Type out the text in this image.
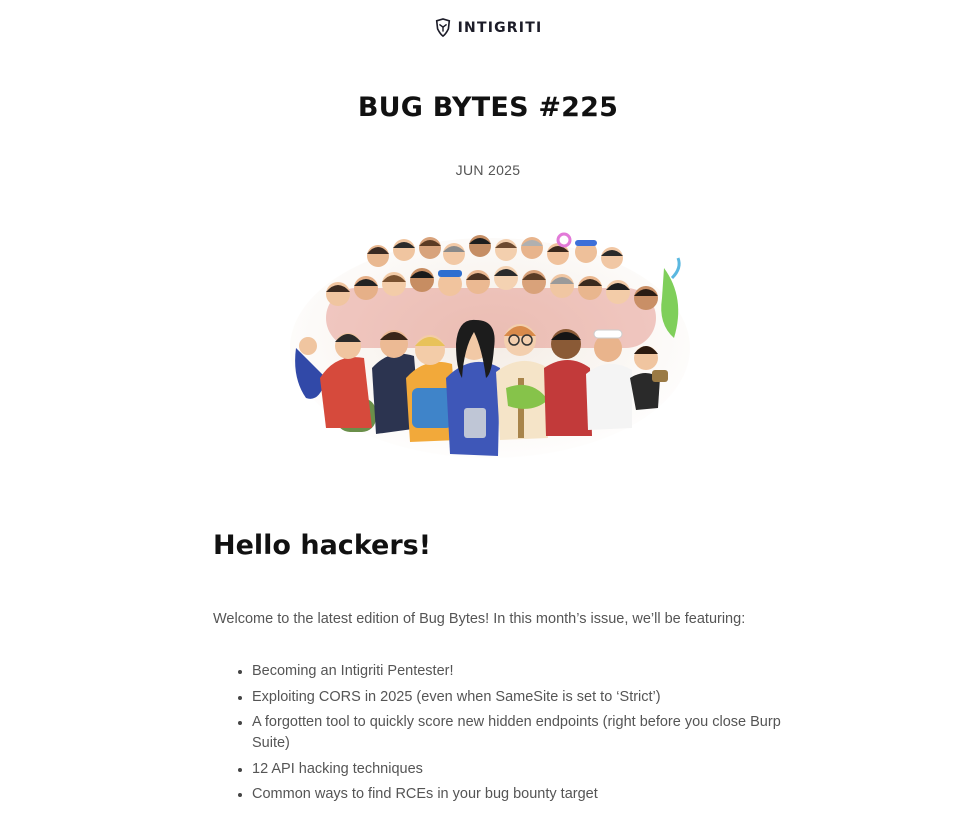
INTIGRITI
BUG BYTES #225
JUN 2025
Hello hackers!

Welcome to the latest edition of Bug Bytes! In this month’s issue, we’ll be featuring:

• Becoming an Intigriti Pentester!
• Exploiting CORS in 2025 (even when SameSite is set to ‘Strict’)
• A forgotten tool to quickly score new hidden endpoints (right before you close Burp Suite)
• 12 API hacking techniques
• Common ways to find RCEs in your bug bounty target
